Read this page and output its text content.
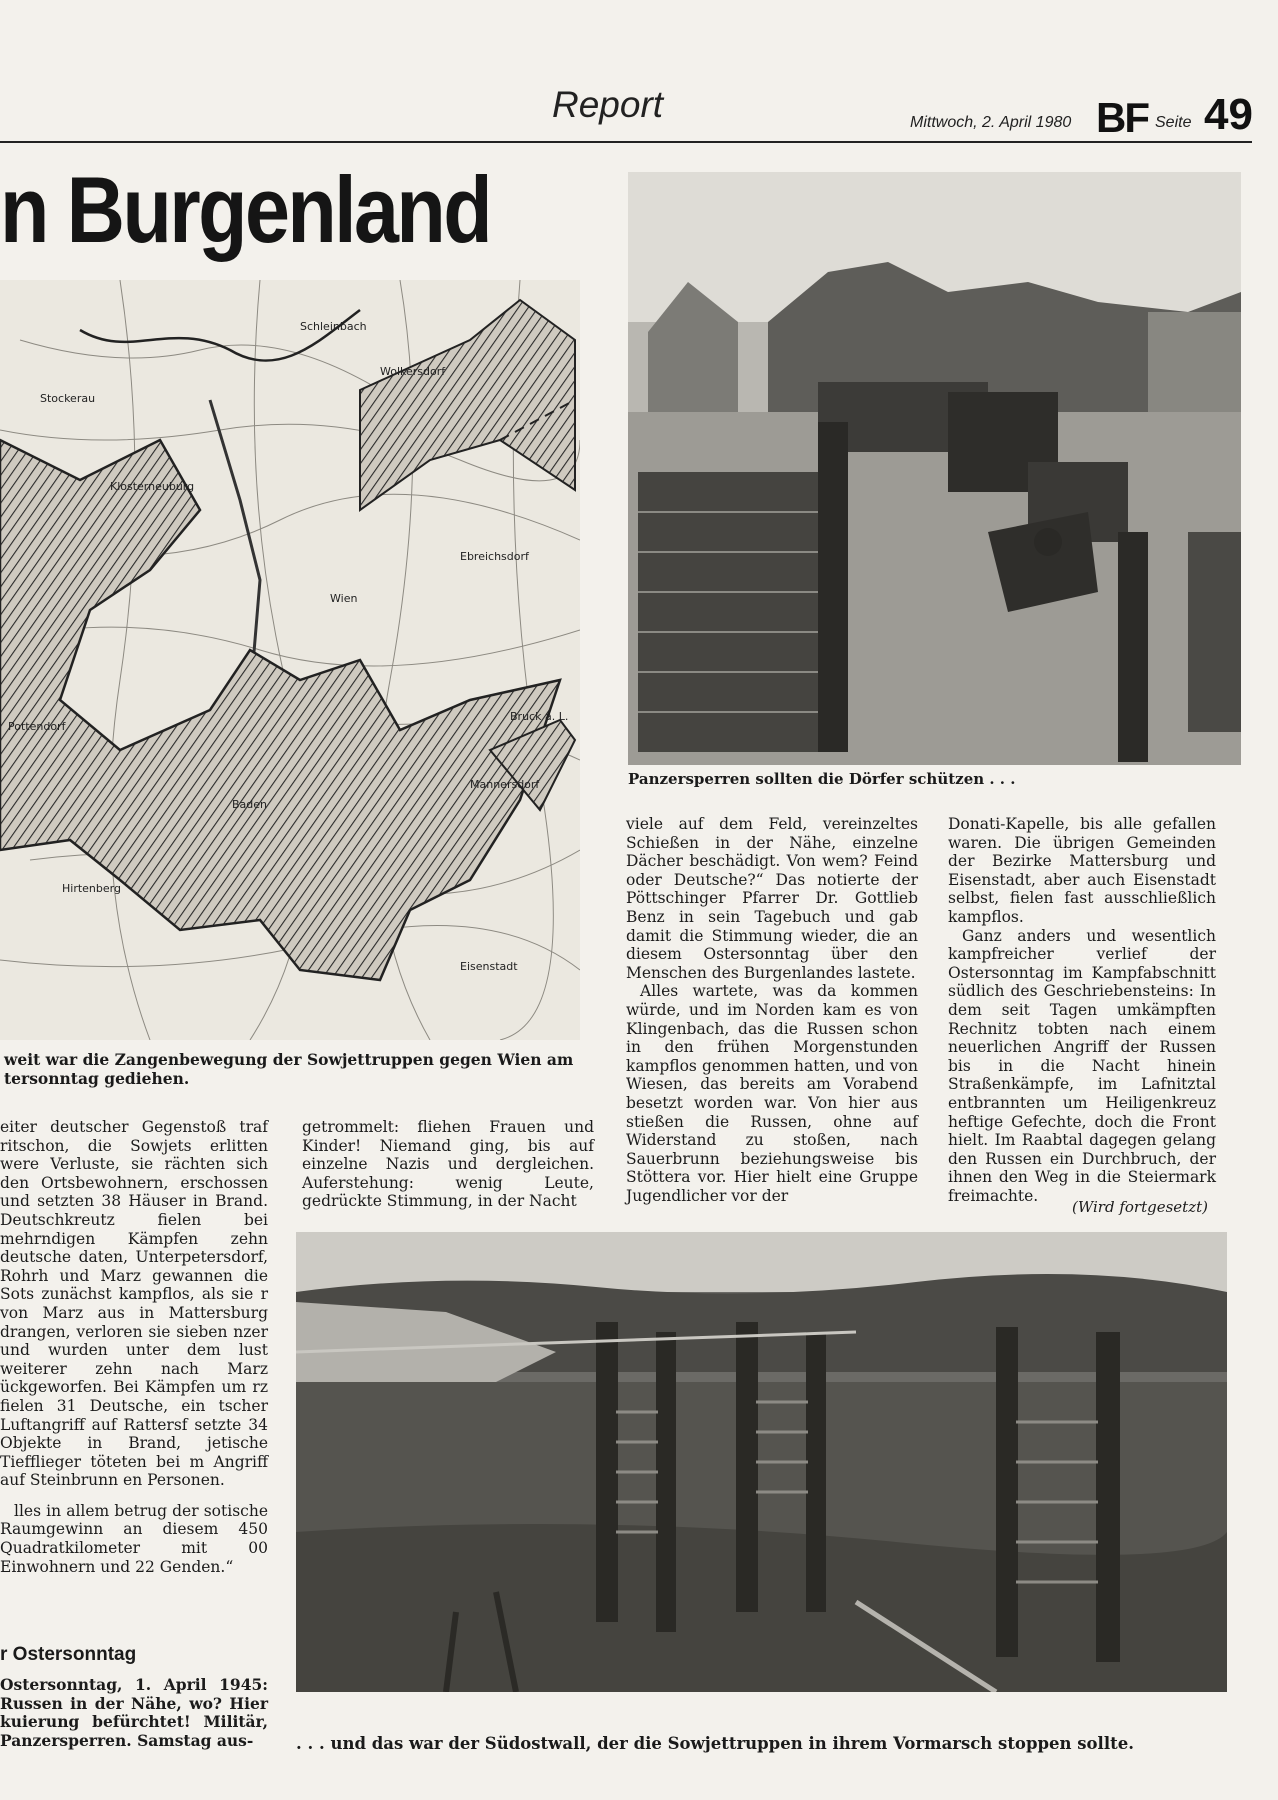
Report	Mittwoch, 2. April 1980 BF Seite 49
n Burgenland
Stockerau
Klosterneuburg
Wien
Baden
Hirtenberg
Schleinbach
Wolkersdorf
Pottendorf
Ebreichsdorf
Mannersdorf
Eisenstadt
Bruck a. L.
Panzersperren sollten die Dörfer schützen . . .
weit war die Zangenbewegung der Sowjettruppen gegen Wien am tersonntag gediehen.
. . . und das war der Südostwall, der die Sowjettruppen in ihrem Vormarsch stoppen sollte.

eiter deutscher Gegenstoß traf ritschon, die Sowjets erlitten were Verluste, sie rächten sich den Ortsbewohnern, erschossen und setzten 38 Häuser in Brand. Deutschkreutz fielen bei mehrndigen Kämpfen zehn deutsche daten, Unterpetersdorf, Rohrh und Marz gewannen die Sots zunächst kampflos, als sie r von Marz aus in Mattersburg drangen, verloren sie sieben nzer und wurden unter dem lust weiterer zehn nach Marz ückgeworfen. Bei Kämpfen um rz fielen 31 Deutsche, ein tscher Luftangriff auf Rattersf setzte 34 Objekte in Brand, jetische Tiefflieger töteten bei m Angriff auf Steinbrunn en Personen.

lles in allem betrug der sotische Raumgewinn an diesem 450 Quadratkilometer mit 00 Einwohnern und 22 Genden.“

getrommelt: fliehen Frauen und Kinder! Niemand ging, bis auf einzelne Nazis und dergleichen. Auferstehung: wenig Leute, gedrückte Stimmung, in der Nacht

viele auf dem Feld, vereinzeltes Schießen in der Nähe, einzelne Dächer beschädigt. Von wem? Feind oder Deutsche?“ Das notierte der Pöttschinger Pfarrer Dr. Gottlieb Benz in sein Tagebuch und gab damit die Stimmung wieder, die an diesem Ostersonntag über den Menschen des Burgenlandes lastete.

Alles wartete, was da kommen würde, und im Norden kam es von Klingenbach, das die Russen schon in den frühen Morgenstunden kampflos genommen hatten, und von Wiesen, das bereits am Vorabend besetzt worden war. Von hier aus stießen die Russen, ohne auf Widerstand zu stoßen, nach Sauerbrunn beziehungsweise bis Stöttera vor. Hier hielt eine Gruppe Jugendlicher vor der

Donati-Kapelle, bis alle gefallen waren. Die übrigen Gemeinden der Bezirke Mattersburg und Eisenstadt, aber auch Eisenstadt selbst, fielen fast ausschließlich kampflos.

Ganz anders und wesentlich kampfreicher verlief der Ostersonntag im Kampfabschnitt südlich des Geschriebensteins: In dem seit Tagen umkämpften Rechnitz tobten nach einem neuerlichen Angriff der Russen bis in die Nacht hinein Straßenkämpfe, im Lafnitztal entbrannten um Heiligenkreuz heftige Gefechte, doch die Front hielt. Im Raabtal dagegen gelang den Russen ein Durchbruch, der ihnen den Weg in die Steiermark freimachte.

(Wird fortgesetzt)
r Ostersonntag

Ostersonntag, 1. April 1945: Russen in der Nähe, wo? Hier kuierung befürchtet! Militär, Panzersperren. Samstag aus-
